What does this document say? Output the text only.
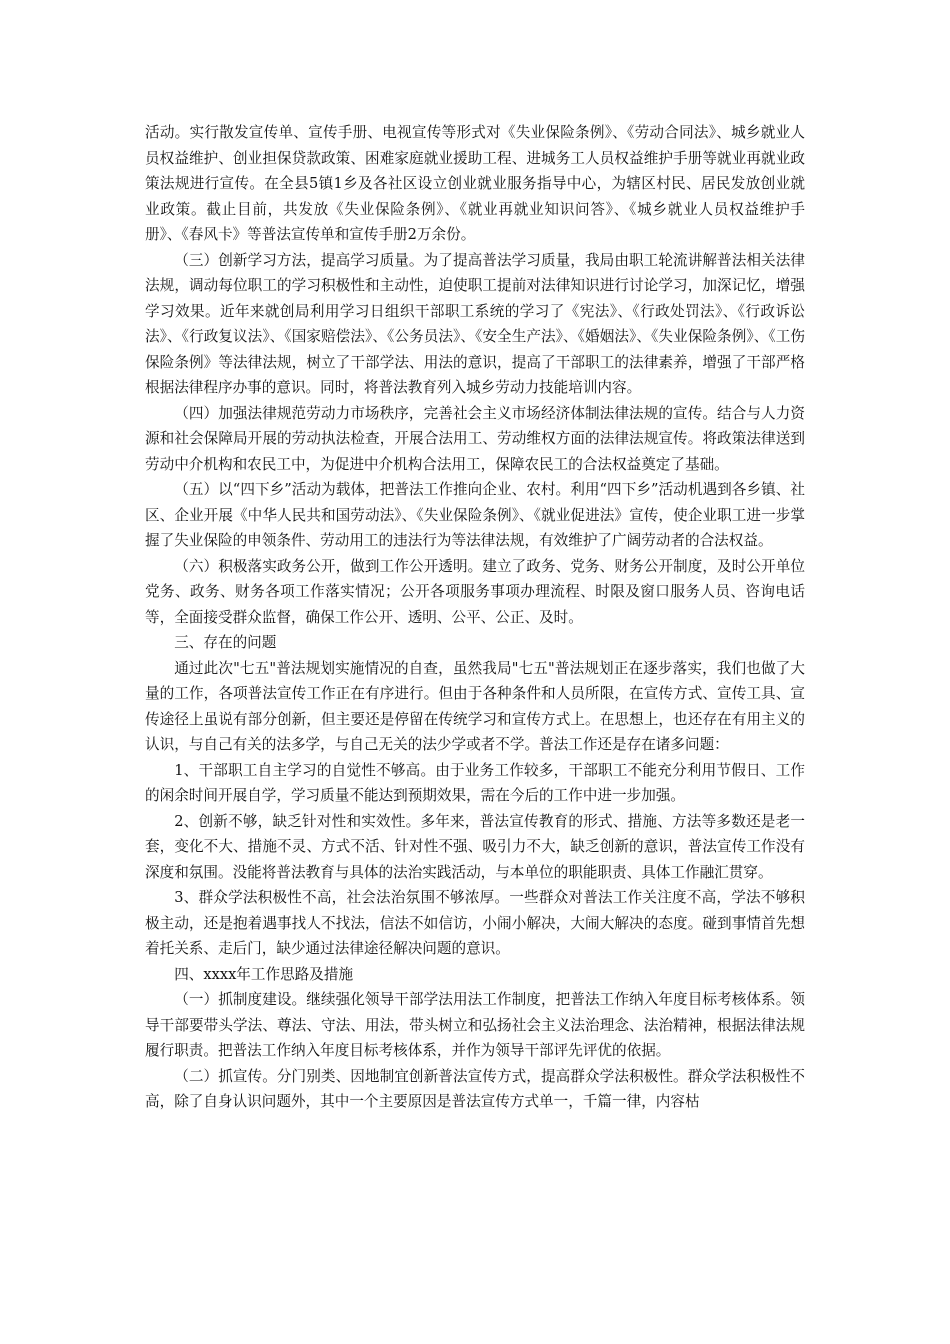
活动。实行散发宣传单、宣传手册、电视宣传等形式对《失业保险条例》、《劳动合同法》、城乡就业人员权益维护、创业担保贷款政策、困难家庭就业援助工程、进城务工人员权益维护手册等就业再就业政策法规进行宣传。在全县5镇1乡及各社区设立创业就业服务指导中心，为辖区村民、居民发放创业就业政策。截止目前，共发放《失业保险条例》、《就业再就业知识问答》、《城乡就业人员权益维护手册》、《春风卡》等普法宣传单和宣传手册2万余份。

（三）创新学习方法，提高学习质量。为了提高普法学习质量，我局由职工轮流讲解普法相关法律法规，调动每位职工的学习积极性和主动性，迫使职工提前对法律知识进行讨论学习，加深记忆，增强学习效果。近年来就创局利用学习日组织干部职工系统的学习了《宪法》、《行政处罚法》、《行政诉讼法》、《行政复议法》、《国家赔偿法》、《公务员法》、《安全生产法》、《婚姻法》、《失业保险条例》、《工伤保险条例》等法律法规，树立了干部学法、用法的意识，提高了干部职工的法律素养，增强了干部严格根据法律程序办事的意识。同时，将普法教育列入城乡劳动力技能培训内容。

（四）加强法律规范劳动力市场秩序，完善社会主义市场经济体制法律法规的宣传。结合与人力资源和社会保障局开展的劳动执法检查，开展合法用工、劳动维权方面的法律法规宣传。将政策法律送到劳动中介机构和农民工中，为促进中介机构合法用工，保障农民工的合法权益奠定了基础。

（五）以“四下乡”活动为载体，把普法工作推向企业、农村。利用“四下乡”活动机遇到各乡镇、社区、企业开展《中华人民共和国劳动法》、《失业保险条例》、《就业促进法》宣传，使企业职工进一步掌握了失业保险的申领条件、劳动用工的违法行为等法律法规，有效维护了广阔劳动者的合法权益。

（六）积极落实政务公开，做到工作公开透明。建立了政务、党务、财务公开制度，及时公开单位党务、政务、财务各项工作落实情况；公开各项服务事项办理流程、时限及窗口服务人员、咨询电话等，全面接受群众监督，确保工作公开、透明、公平、公正、及时。

三、存在的问题

通过此次"七五"普法规划实施情况的自查，虽然我局"七五"普法规划正在逐步落实，我们也做了大量的工作，各项普法宣传工作正在有序进行。但由于各种条件和人员所限，在宣传方式、宣传工具、宣传途径上虽说有部分创新，但主要还是停留在传统学习和宣传方式上。在思想上，也还存在有用主义的认识，与自己有关的法多学，与自己无关的法少学或者不学。普法工作还是存在诸多问题：

1、干部职工自主学习的自觉性不够高。由于业务工作较多，干部职工不能充分利用节假日、工作的闲余时间开展自学，学习质量不能达到预期效果，需在今后的工作中进一步加强。

2、创新不够，缺乏针对性和实效性。多年来，普法宣传教育的形式、措施、方法等多数还是老一套，变化不大、措施不灵、方式不活、针对性不强、吸引力不大，缺乏创新的意识，普法宣传工作没有深度和氛围。没能将普法教育与具体的法治实践活动，与本单位的职能职责、具体工作融汇贯穿。

3、群众学法积极性不高，社会法治氛围不够浓厚。一些群众对普法工作关注度不高，学法不够积极主动，还是抱着遇事找人不找法，信法不如信访，小闹小解决，大闹大解决的态度。碰到事情首先想着托关系、走后门，缺少通过法律途径解决问题的意识。

四、xxxx年工作思路及措施

（一）抓制度建设。继续强化领导干部学法用法工作制度，把普法工作纳入年度目标考核体系。领导干部要带头学法、尊法、守法、用法，带头树立和弘扬社会主义法治理念、法治精神，根据法律法规履行职责。把普法工作纳入年度目标考核体系，并作为领导干部评先评优的依据。

（二）抓宣传。分门别类、因地制宜创新普法宣传方式，提高群众学法积极性。群众学法积极性不高，除了自身认识问题外，其中一个主要原因是普法宣传方式单一，千篇一律，内容枯
